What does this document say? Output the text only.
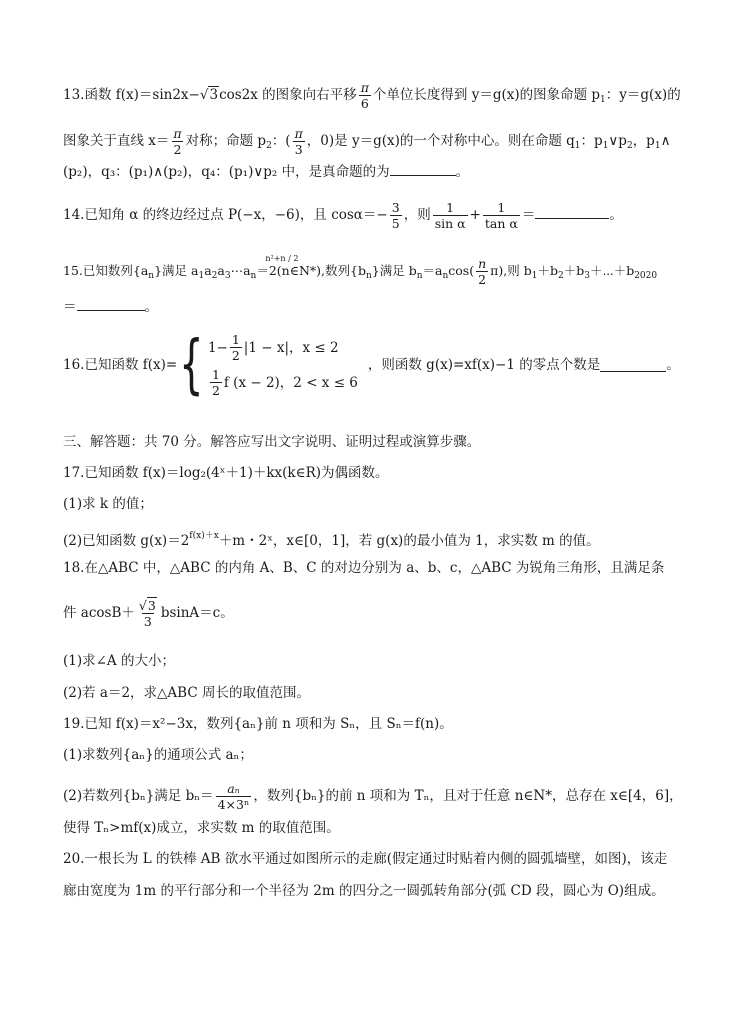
13.函数 f(x)＝sin2x−√3cos2x 的图象向右平移 $\frac{\pi}{6}$ 个单位长度得到 y＝g(x)的图象命题 $p_1$：y＝g(x)的
图象关于直线 $x= \frac{\pi}{2}$ 对称；命题 $p_2$：( $\frac{\pi}{3}$ ，0)是 y＝g(x)的一个对称中心。则在命题 $q_1$：$p_1\vee p_2$，$p_1\wedge$
(p₂)，q₃：(p₁)∧(p₂)，q₄：(p₁)∨p₂ 中，是真命题的为	。
14.已知角 α 的终边经过点 P(−x，−6)，且 $\cos\alpha=- \frac{3}{5}$ ，则 $\frac{1}{\text{sin α}} + \frac{1}{\text{tan α}}$ ＝	。
15.已知数列$\{a_n\}$满足 $a_1a_2a_3\cdots a_n=2$
n²+n / 2
(n∈N*),数列$\{b_n\}$满足 $b_n=a_n\cos( \frac{n}{2} \pi)$,则 $b_1+b_2+b_3+\cdots+b_{2020}$
＝	。
16.已知函数 f(x)= { $1- \frac{1}{2} |1 - x|$，x ≤ 2
$\frac{1}{2}$ f (x − 2)，2 < x ≤ 6
，则函数 g(x)=xf(x)−1 的零点个数是	。
三、解答题：共 70 分。解答应写出文字说明、证明过程或演算步骤。
17.已知函数 f(x)＝log₂(4ˣ＋1)＋kx(k∈R)为偶函数。
(1)求 k 的值；
(2)已知函数 $g(x)=2^{f(x)+x}+m$・2ˣ，x∈[0，1]，若 g(x)的最小值为 1，求实数 m 的值。
18.在△ABC 中，△ABC 的内角 A、B、C 的对边分别为 a、b、c，△ABC 为锐角三角形，且满足条
件 $acosB+ \frac{√3}{3} bsinA=c$。
(1)求∠A 的大小；
(2)若 a＝2，求△ABC 周长的取值范围。
19.已知 f(x)＝x²−3x，数列{aₙ}前 n 项和为 Sₙ，且 Sₙ＝f(n)。
(1)求数列{aₙ}的通项公式 aₙ；
(2)若数列{bₙ}满足 $b_n= \frac{\text{aₙ}}{\text{4×3ⁿ}}$ ，数列{bₙ}的前 n 项和为 Tₙ，且对于任意 n∈N*，总存在 x∈[4，6]，
使得 Tₙ>mf(x)成立，求实数 m 的取值范围。
20.一根长为 L 的铁棒 AB 欲水平通过如图所示的走廊(假定通过时贴着内侧的圆弧墙壁，如图)，该走
廊由宽度为 1m 的平行部分和一个半径为 2m 的四分之一圆弧转角部分(弧 CD 段，圆心为 O)组成。
